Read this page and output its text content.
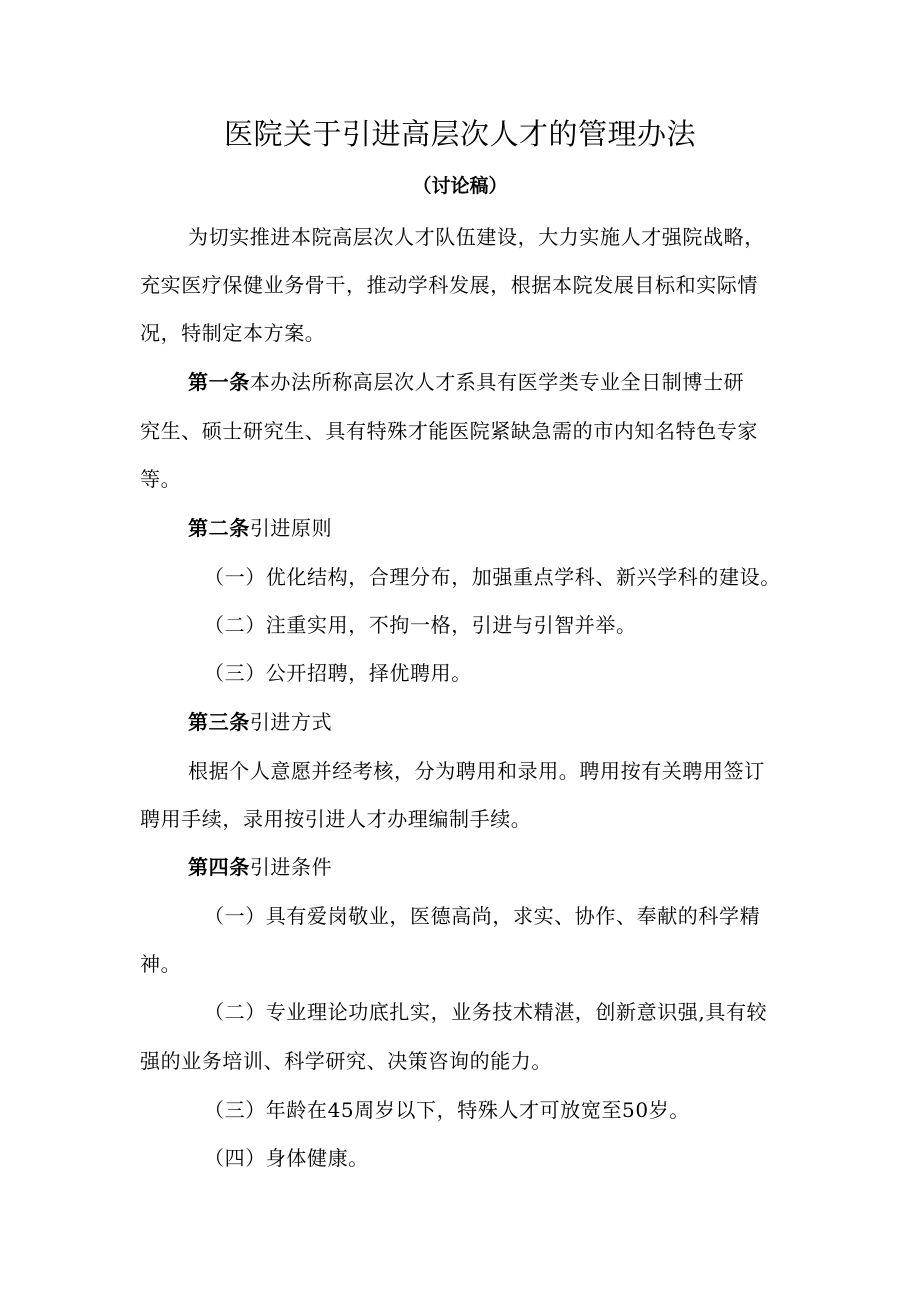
医院关于引进高层次人才的管理办法
（讨论稿）
为切实推进本院高层次人才队伍建设，大力实施人才强院战略，
充实医疗保健业务骨干，推动学科发展，根据本院发展目标和实际情
况，特制定本方案。
第一条本办法所称高层次人才系具有医学类专业全日制博士研
究生、硕士研究生、具有特殊才能医院紧缺急需的市内知名特色专家
等。
第二条引进原则
（一）优化结构，合理分布，加强重点学科、新兴学科的建设。
（二）注重实用，不拘一格，引进与引智并举。
（三）公开招聘，择优聘用。
第三条引进方式
根据个人意愿并经考核，分为聘用和录用。聘用按有关聘用签订
聘用手续，录用按引进人才办理编制手续。
第四条引进条件
（一）具有爱岗敬业，医德高尚，求实、协作、奉献的科学精
神。
（二）专业理论功底扎实，业务技术精湛，创新意识强,具有较
强的业务培训、科学研究、决策咨询的能力。
（三）年龄在45周岁以下，特殊人才可放宽至50岁。
（四）身体健康。
